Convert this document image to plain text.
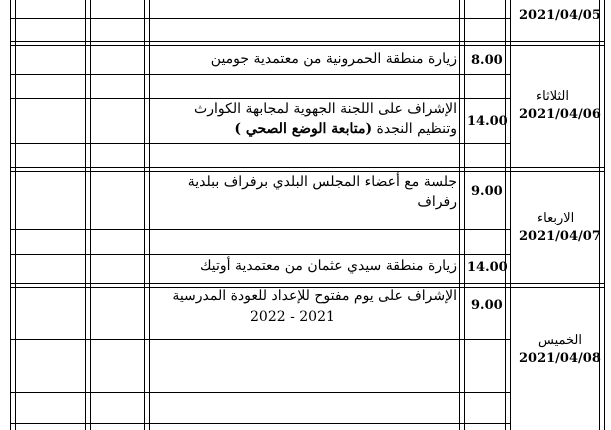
2021/04/05
الثلاثاء
2021/04/06
8.00
زيارة منطقة الحمرونية من معتمدية جومين
14.00
الإشراف على اللجنة الجهوية لمجابهة الكوارث
وتنظيم النجدة (متابعة الوضع الصحي )
الاربعاء
2021/04/07
9.00
جلسة مع أعضاء المجلس البلدي برفراف ببلدية
رفراف
14.00
زيارة منطقة سيدي عثمان من معتمدية أوتيك
الخميس
2021/04/08
9.00
الإشراف على يوم مفتوح للإعداد للعودة المدرسية
2022 - 2021
